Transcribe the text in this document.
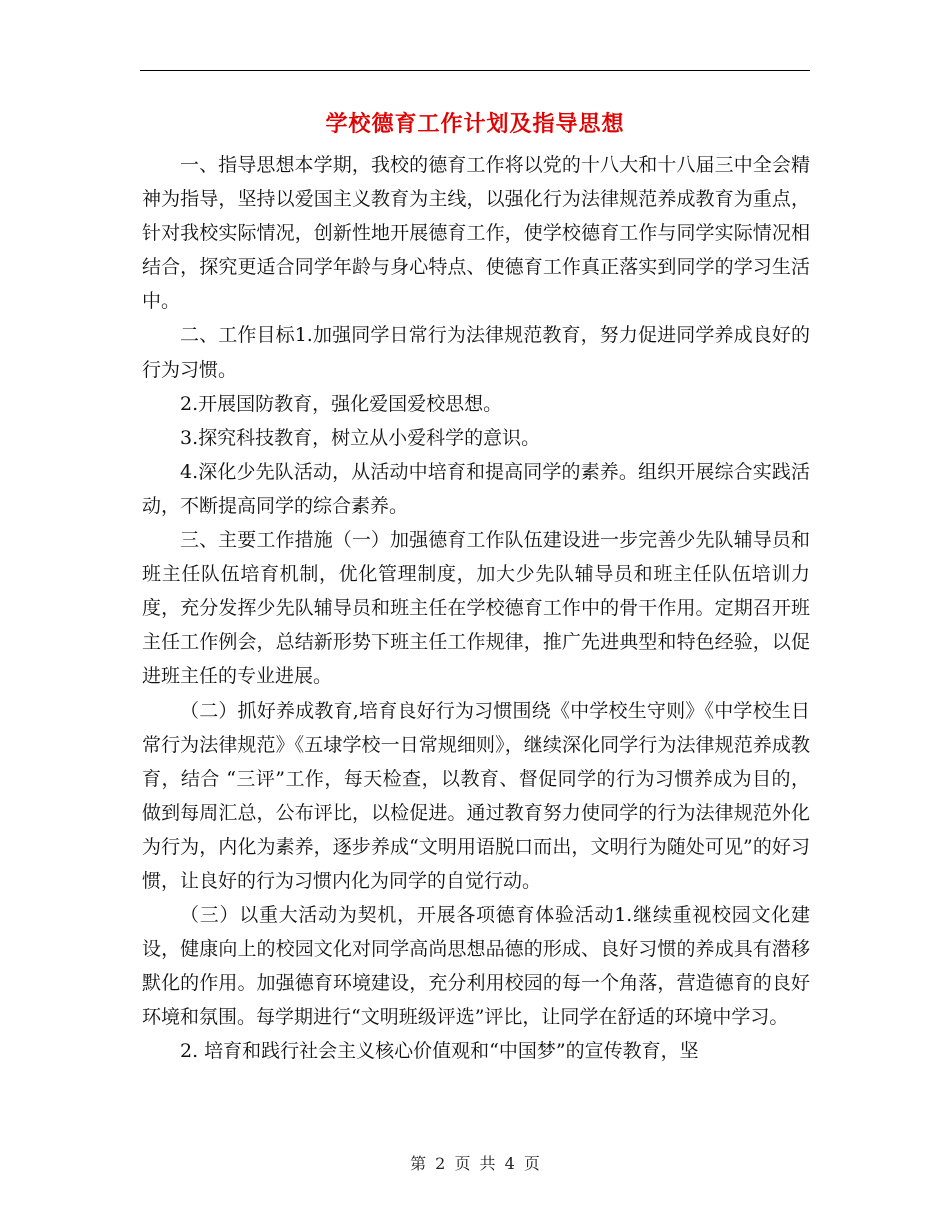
学校德育工作计划及指导思想

一、指导思想本学期，我校的德育工作将以党的十八大和十八届三中全会精神为指导，坚持以爱国主义教育为主线，以强化行为法律规范养成教育为重点，针对我校实际情况，创新性地开展德育工作，使学校德育工作与同学实际情况相结合，探究更适合同学年龄与身心特点、使德育工作真正落实到同学的学习生活中。

二、工作目标1.加强同学日常行为法律规范教育，努力促进同学养成良好的行为习惯。

2.开展国防教育，强化爱国爱校思想。

3.探究科技教育，树立从小爱科学的意识。

4.深化少先队活动，从活动中培育和提高同学的素养。组织开展综合实践活动，不断提高同学的综合素养。

三、主要工作措施（一）加强德育工作队伍建设进一步完善少先队辅导员和班主任队伍培育机制，优化管理制度，加大少先队辅导员和班主任队伍培训力度，充分发挥少先队辅导员和班主任在学校德育工作中的骨干作用。定期召开班主任工作例会，总结新形势下班主任工作规律，推广先进典型和特色经验，以促进班主任的专业进展。

（二）抓好养成教育,培育良好行为习惯围绕《中学校生守则》《中学校生日常行为法律规范》《五埭学校一日常规细则》，继续深化同学行为法律规范养成教育，结合 “三评”工作，每天检查，以教育、督促同学的行为习惯养成为目的，做到每周汇总，公布评比，以检促进。通过教育努力使同学的行为法律规范外化为行为，内化为素养，逐步养成“文明用语脱口而出，文明行为随处可见”的好习惯，让良好的行为习惯内化为同学的自觉行动。

（三）以重大活动为契机，开展各项德育体验活动1.继续重视校园文化建设，健康向上的校园文化对同学高尚思想品德的形成、良好习惯的养成具有潜移默化的作用。加强德育环境建设，充分利用校园的每一个角落，营造德育的良好环境和氛围。每学期进行“文明班级评选”评比，让同学在舒适的环境中学习。

2. 培育和践行社会主义核心价值观和“中国梦”的宣传教育，坚

第 2 页 共 4 页
